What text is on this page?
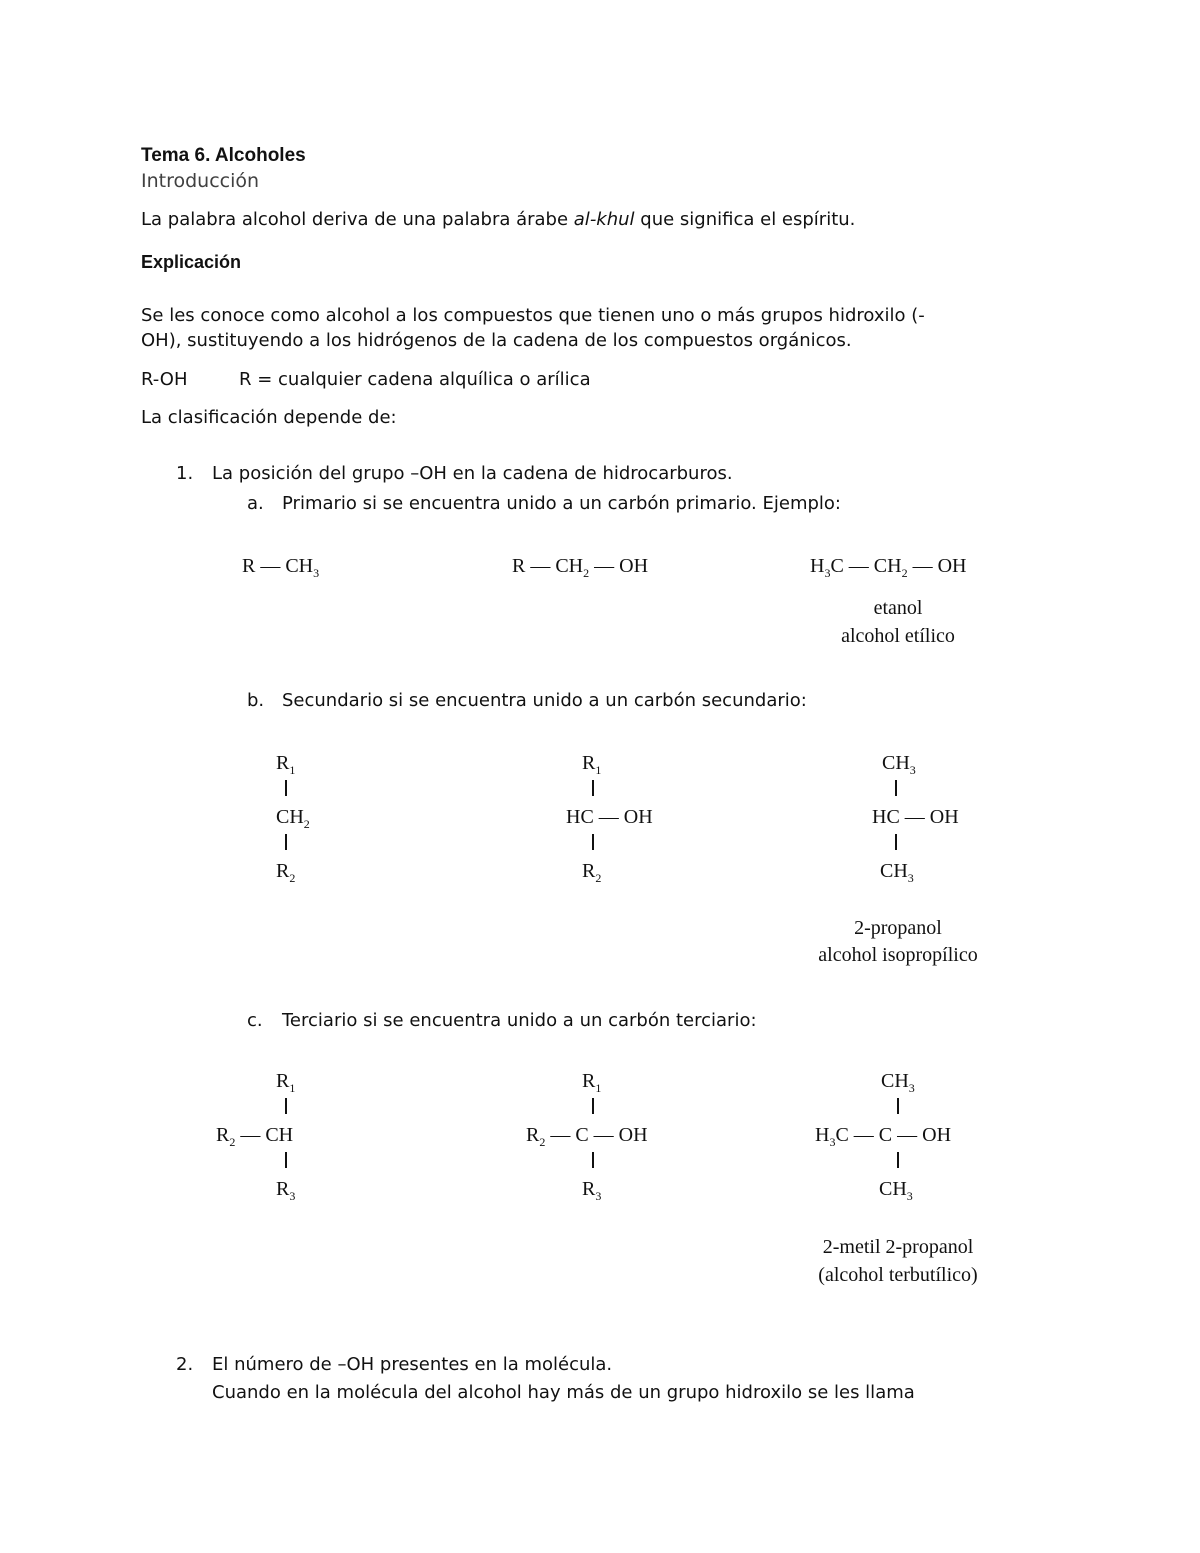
Tema 6. Alcoholes
Introducción
La palabra alcohol deriva de una palabra árabe al-khul que significa el espíritu.
Explicación
Se les conoce como alcohol a los compuestos que tienen uno o más grupos hidroxilo (-
OH), sustituyendo a los hidrógenos de la cadena de los compuestos orgánicos.
R-OH	R = cualquier cadena alquílica o arílica
La clasificación depende de:
1. La posición del grupo –OH en la cadena de hidrocarburos.
a. Primario si se encuentra unido a un carbón primario. Ejemplo:
R — $CH_3$	R — $CH_2$ — OH	$H_3C$ — $CH_2$ — OH
etanol
alcohol etílico
b. Secundario si se encuentra unido a un carbón secundario:
$R_1$
$CH_2$
$R_2$
$R_1$
HC — OH
$R_2$
$CH_3$
HC — OH
$CH_3$
2-propanol
alcohol isopropílico
c. Terciario si se encuentra unido a un carbón terciario:
$R_1$
$R_2$ — CH
$R_3$
$R_1$
$R_2$ — C — OH
$R_3$
$CH_3$
$H_3C$ — C — OH
$CH_3$
2-metil 2-propanol
(alcohol terbutílico)
2. El número de –OH presentes en la molécula.
Cuando en la molécula del alcohol hay más de un grupo hidroxilo se les llama
